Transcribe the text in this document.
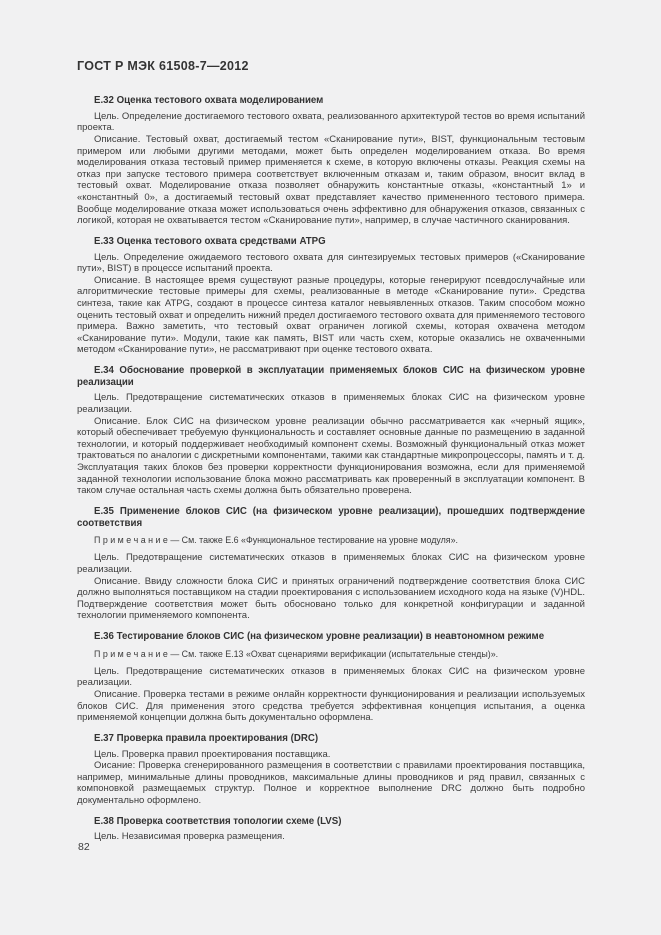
ГОСТ Р МЭК 61508-7—2012
Е.32 Оценка тестового охвата моделированием

Цель. Определение достигаемого тестового охвата, реализованного архитектурой тестов во время испытаний проекта.

Описание. Тестовый охват, достигаемый тестом «Сканирование пути», BIST, функциональным тестовым примером или любыми другими методами, может быть определен моделированием отказа. Во время моделирования отказа тестовый пример применяется к схеме, в которую включены отказы. Реакция схемы на отказ при запуске тестового примера соответствует включенным отказам и, таким образом, вносит вклад в тестовый охват. Моделирование отказа позволяет обнаружить константные отказы, «константный 1» и «константный 0», а достигаемый тестовый охват представляет качество примененного тестового примера. Вообще моделирование отказа может использоваться очень эффективно для обнаружения отказов, связанных с логикой, которая не охватывается тестом «Сканирование пути», например, в случае частичного сканирования.

Е.33 Оценка тестового охвата средствами ATPG

Цель. Определение ожидаемого тестового охвата для синтезируемых тестовых примеров («Сканирование пути», BIST) в процессе испытаний проекта.

Описание. В настоящее время существуют разные процедуры, которые генерируют псевдослучайные или алгоритмические тестовые примеры для схемы, реализованные в методе «Сканирование пути». Средства синтеза, такие как ATPG, создают в процессе синтеза каталог невыявленных отказов. Таким способом можно оценить тестовый охват и определить нижний предел достигаемого тестового охвата для применяемого тестового примера. Важно заметить, что тестовый охват ограничен логикой схемы, которая охвачена методом «Сканирование пути». Модули, такие как память, BIST или часть схем, которые оказались не охваченными методом «Сканирование пути», не рассматривают при оценке тестового охвата.

Е.34 Обоснование проверкой в эксплуатации применяемых блоков СИС на физическом уровне реализации

Цель. Предотвращение систематических отказов в применяемых блоках СИС на физическом уровне реализации.

Описание. Блок СИС на физическом уровне реализации обычно рассматривается как «черный ящик», который обеспечивает требуемую функциональность и составляет основные данные по размещению в заданной технологии, и который поддерживает необходимый компонент схемы. Возможный функциональный отказ может трактоваться по аналогии с дискретными компонентами, такими как стандартные микропроцессоры, память и т. д. Эксплуатация таких блоков без проверки корректности функционирования возможна, если для применяемой заданной технологии использование блока можно рассматривать как проверенный в эксплуатации компонент. В таком случае остальная часть схемы должна быть обязательно проверена.

Е.35 Применение блоков СИС (на физическом уровне реализации), прошедших подтверждение соответствия

П р и м е ч а н и е — См. также Е.6 «Функциональное тестирование на уровне модуля».

Цель. Предотвращение систематических отказов в применяемых блоках СИС на физическом уровне реализации.

Описание. Ввиду сложности блока СИС и принятых ограничений подтверждение соответствия блока СИС должно выполняться поставщиком на стадии проектирования с использованием исходного кода на языке (V)HDL. Подтверждение соответствия может быть обосновано только для конкретной конфигурации и заданной технологии применяемого компонента.

Е.36 Тестирование блоков СИС (на физическом уровне реализации) в неавтономном режиме

П р и м е ч а н и е — См. также Е.13 «Охват сценариями верификации (испытательные стенды)».

Цель. Предотвращение систематических отказов в применяемых блоках СИС на физическом уровне реализации.

Описание. Проверка тестами в режиме онлайн корректности функционирования и реализации используемых блоков СИС. Для применения этого средства требуется эффективная концепция испытания, а оценка применяемой концепции должна быть документально оформлена.

Е.37 Проверка правила проектирования (DRC)

Цель. Проверка правил проектирования поставщика.

Оисание: Проверка сгенерированного размещения в соответствии с правилами проектирования поставщика, например, минимальные длины проводников, максимальные длины проводников и ряд правил, связанных с компоновкой размещаемых структур. Полное и корректное выполнение DRC должно быть подробно документально оформлено.

Е.38 Проверка соответствия топологии схеме (LVS)

Цель. Независимая проверка размещения.

82
